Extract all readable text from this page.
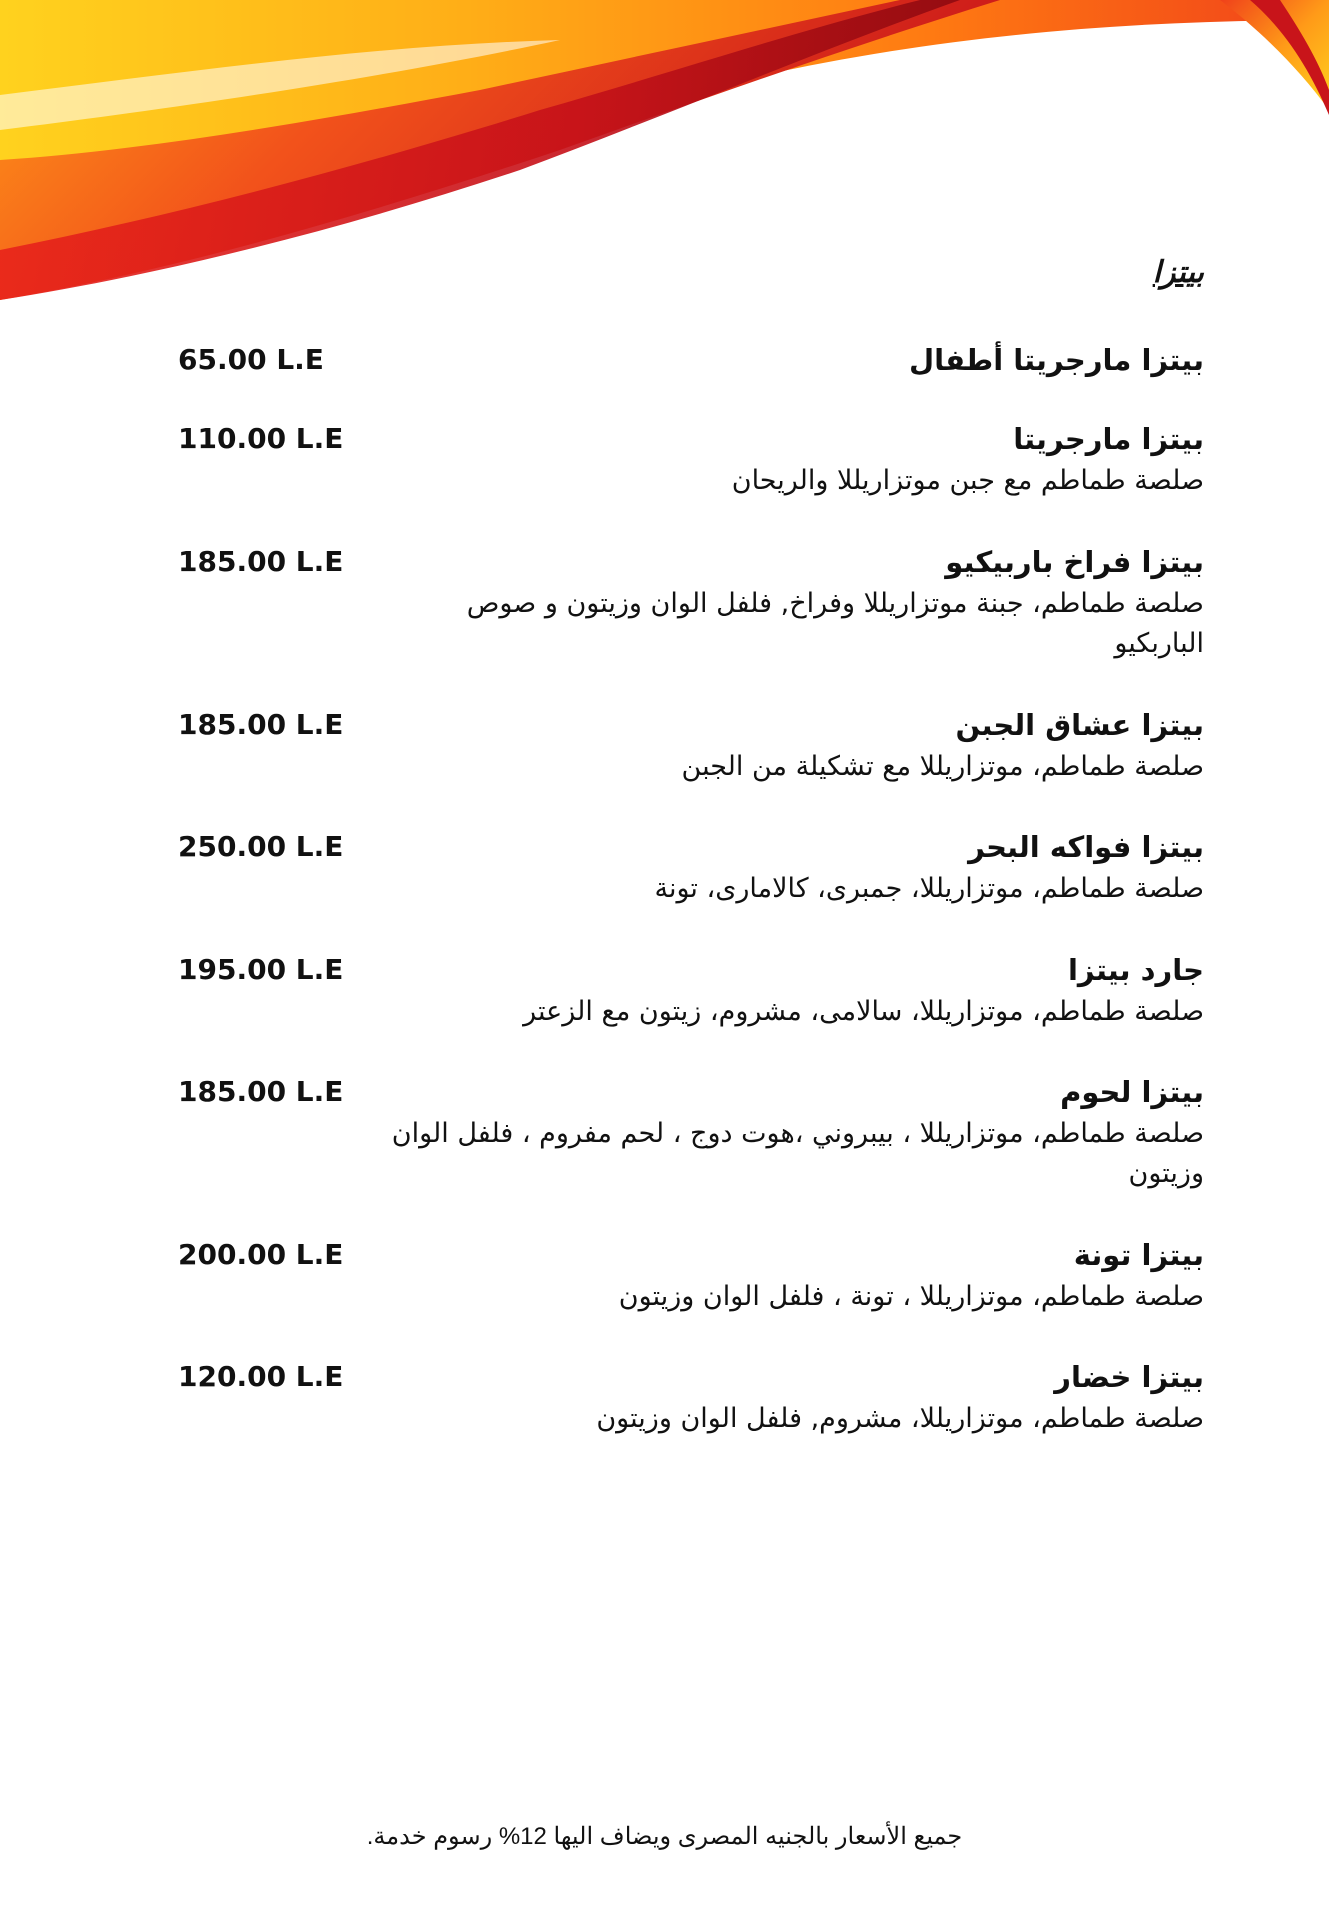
بيتزا
بيتزا مارجريتا أطفال
65.00 L.E
بيتزا مارجريتا
110.00 L.E
صلصة طماطم مع جبن موتزاريللا والريحان
بيتزا فراخ باربيكيو
185.00 L.E
صلصة طماطم، جبنة موتزاريللا وفراخ, فلفل الوان وزيتون و صوص الباربكيو
بيتزا عشاق الجبن
185.00 L.E
صلصة طماطم، موتزاريللا مع تشكيلة من الجبن
بيتزا فواكه البحر
250.00 L.E
صلصة طماطم، موتزاريللا، جمبرى، كالامارى، تونة
جارد بيتزا
195.00 L.E
صلصة طماطم، موتزاريللا، سالامى، مشروم، زيتون مع الزعتر
بيتزا لحوم
185.00 L.E
صلصة طماطم، موتزاريللا ، بيبروني ،هوت دوج ، لحم مفروم ، فلفل الوان وزيتون
بيتزا تونة
200.00 L.E
صلصة طماطم، موتزاريللا ، تونة ، فلفل الوان وزيتون
بيتزا خضار
120.00 L.E
صلصة طماطم، موتزاريللا، مشروم, فلفل الوان وزيتون
جميع الأسعار بالجنيه المصرى ويضاف اليها 12% رسوم خدمة.
